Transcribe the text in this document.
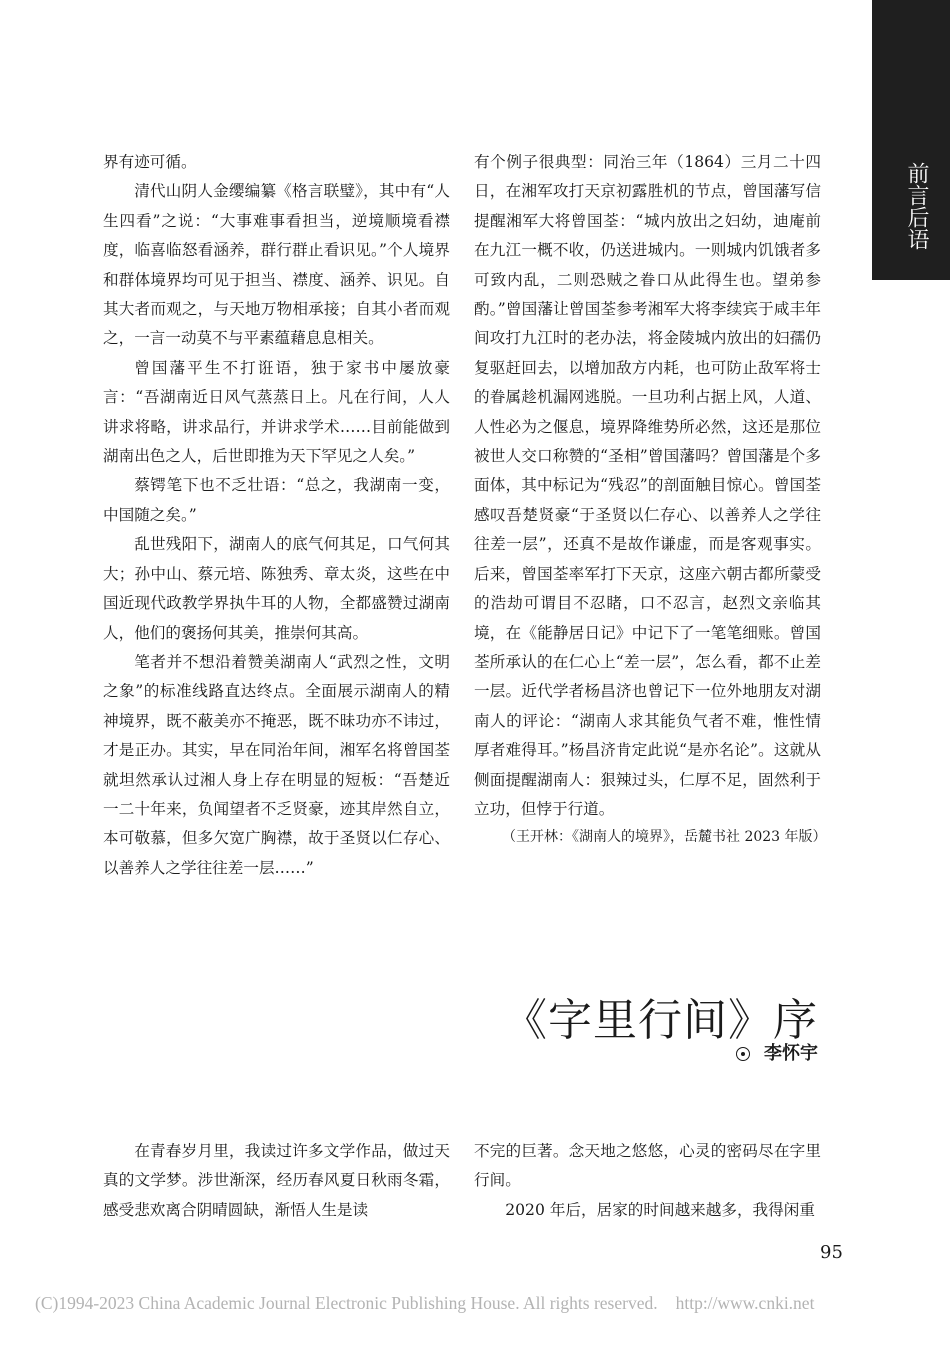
前言后语

界有迹可循。

清代山阴人金缨编纂《格言联璧》，其中有“人生四看”之说：“大事难事看担当，逆境顺境看襟度，临喜临怒看涵养，群行群止看识见。”个人境界和群体境界均可见于担当、襟度、涵养、识见。自其大者而观之，与天地万物相承接；自其小者而观之，一言一动莫不与平素蕴藉息息相关。

曾国藩平生不打诳语，独于家书中屡放豪言：“吾湖南近日风气蒸蒸日上。凡在行间，人人讲求将略，讲求品行，并讲求学术……目前能做到湖南出色之人，后世即推为天下罕见之人矣。”

蔡锷笔下也不乏壮语：“总之，我湖南一变，中国随之矣。”

乱世残阳下，湖南人的底气何其足，口气何其大；孙中山、蔡元培、陈独秀、章太炎，这些在中国近现代政教学界执牛耳的人物，全都盛赞过湖南人，他们的褒扬何其美，推崇何其高。

笔者并不想沿着赞美湖南人“武烈之性，文明之象”的标准线路直达终点。全面展示湖南人的精神境界，既不蔽美亦不掩恶，既不昧功亦不讳过，才是正办。其实，早在同治年间，湘军名将曾国荃就坦然承认过湘人身上存在明显的短板：“吾楚近一二十年来，负闻望者不乏贤豪，迹其岸然自立，本可敬慕，但多欠宽广胸襟，故于圣贤以仁存心、以善养人之学往往差一层……”

有个例子很典型：同治三年（1864）三月二十四日，在湘军攻打天京初露胜机的节点，曾国藩写信提醒湘军大将曾国荃：“城内放出之妇幼，迪庵前在九江一概不收，仍送进城内。一则城内饥饿者多可致内乱，二则恐贼之眷口从此得生也。望弟参酌。”曾国藩让曾国荃参考湘军大将李续宾于咸丰年间攻打九江时的老办法，将金陵城内放出的妇孺仍复驱赶回去，以增加敌方内耗，也可防止敌军将士的眷属趁机漏网逃脱。一旦功利占据上风，人道、人性必为之偃息，境界降维势所必然，这还是那位被世人交口称赞的“圣相”曾国藩吗？曾国藩是个多面体，其中标记为“残忍”的剖面触目惊心。曾国荃感叹吾楚贤豪“于圣贤以仁存心、以善养人之学往往差一层”，还真不是故作谦虚，而是客观事实。后来，曾国荃率军打下天京，这座六朝古都所蒙受的浩劫可谓目不忍睹，口不忍言，赵烈文亲临其境，在《能静居日记》中记下了一笔笔细账。曾国荃所承认的在仁心上“差一层”，怎么看，都不止差一层。近代学者杨昌济也曾记下一位外地朋友对湖南人的评论：“湖南人求其能负气者不难，惟性情厚者难得耳。”杨昌济肯定此说“是亦名论”。这就从侧面提醒湖南人：狠辣过头，仁厚不足，固然利于立功，但悖于行道。

（王开林：《湖南人的境界》，岳麓书社 2023 年版）

《字里行间》序
李怀宇

在青春岁月里，我读过许多文学作品，做过天真的文学梦。涉世渐深，经历春风夏日秋雨冬霜，感受悲欢离合阴晴圆缺，渐悟人生是读

不完的巨著。念天地之悠悠，心灵的密码尽在字里行间。

2020 年后，居家的时间越来越多，我得闲重

95
(C)1994-2023 China Academic Journal Electronic Publishing House. All rights reserved. http://www.cnki.net
